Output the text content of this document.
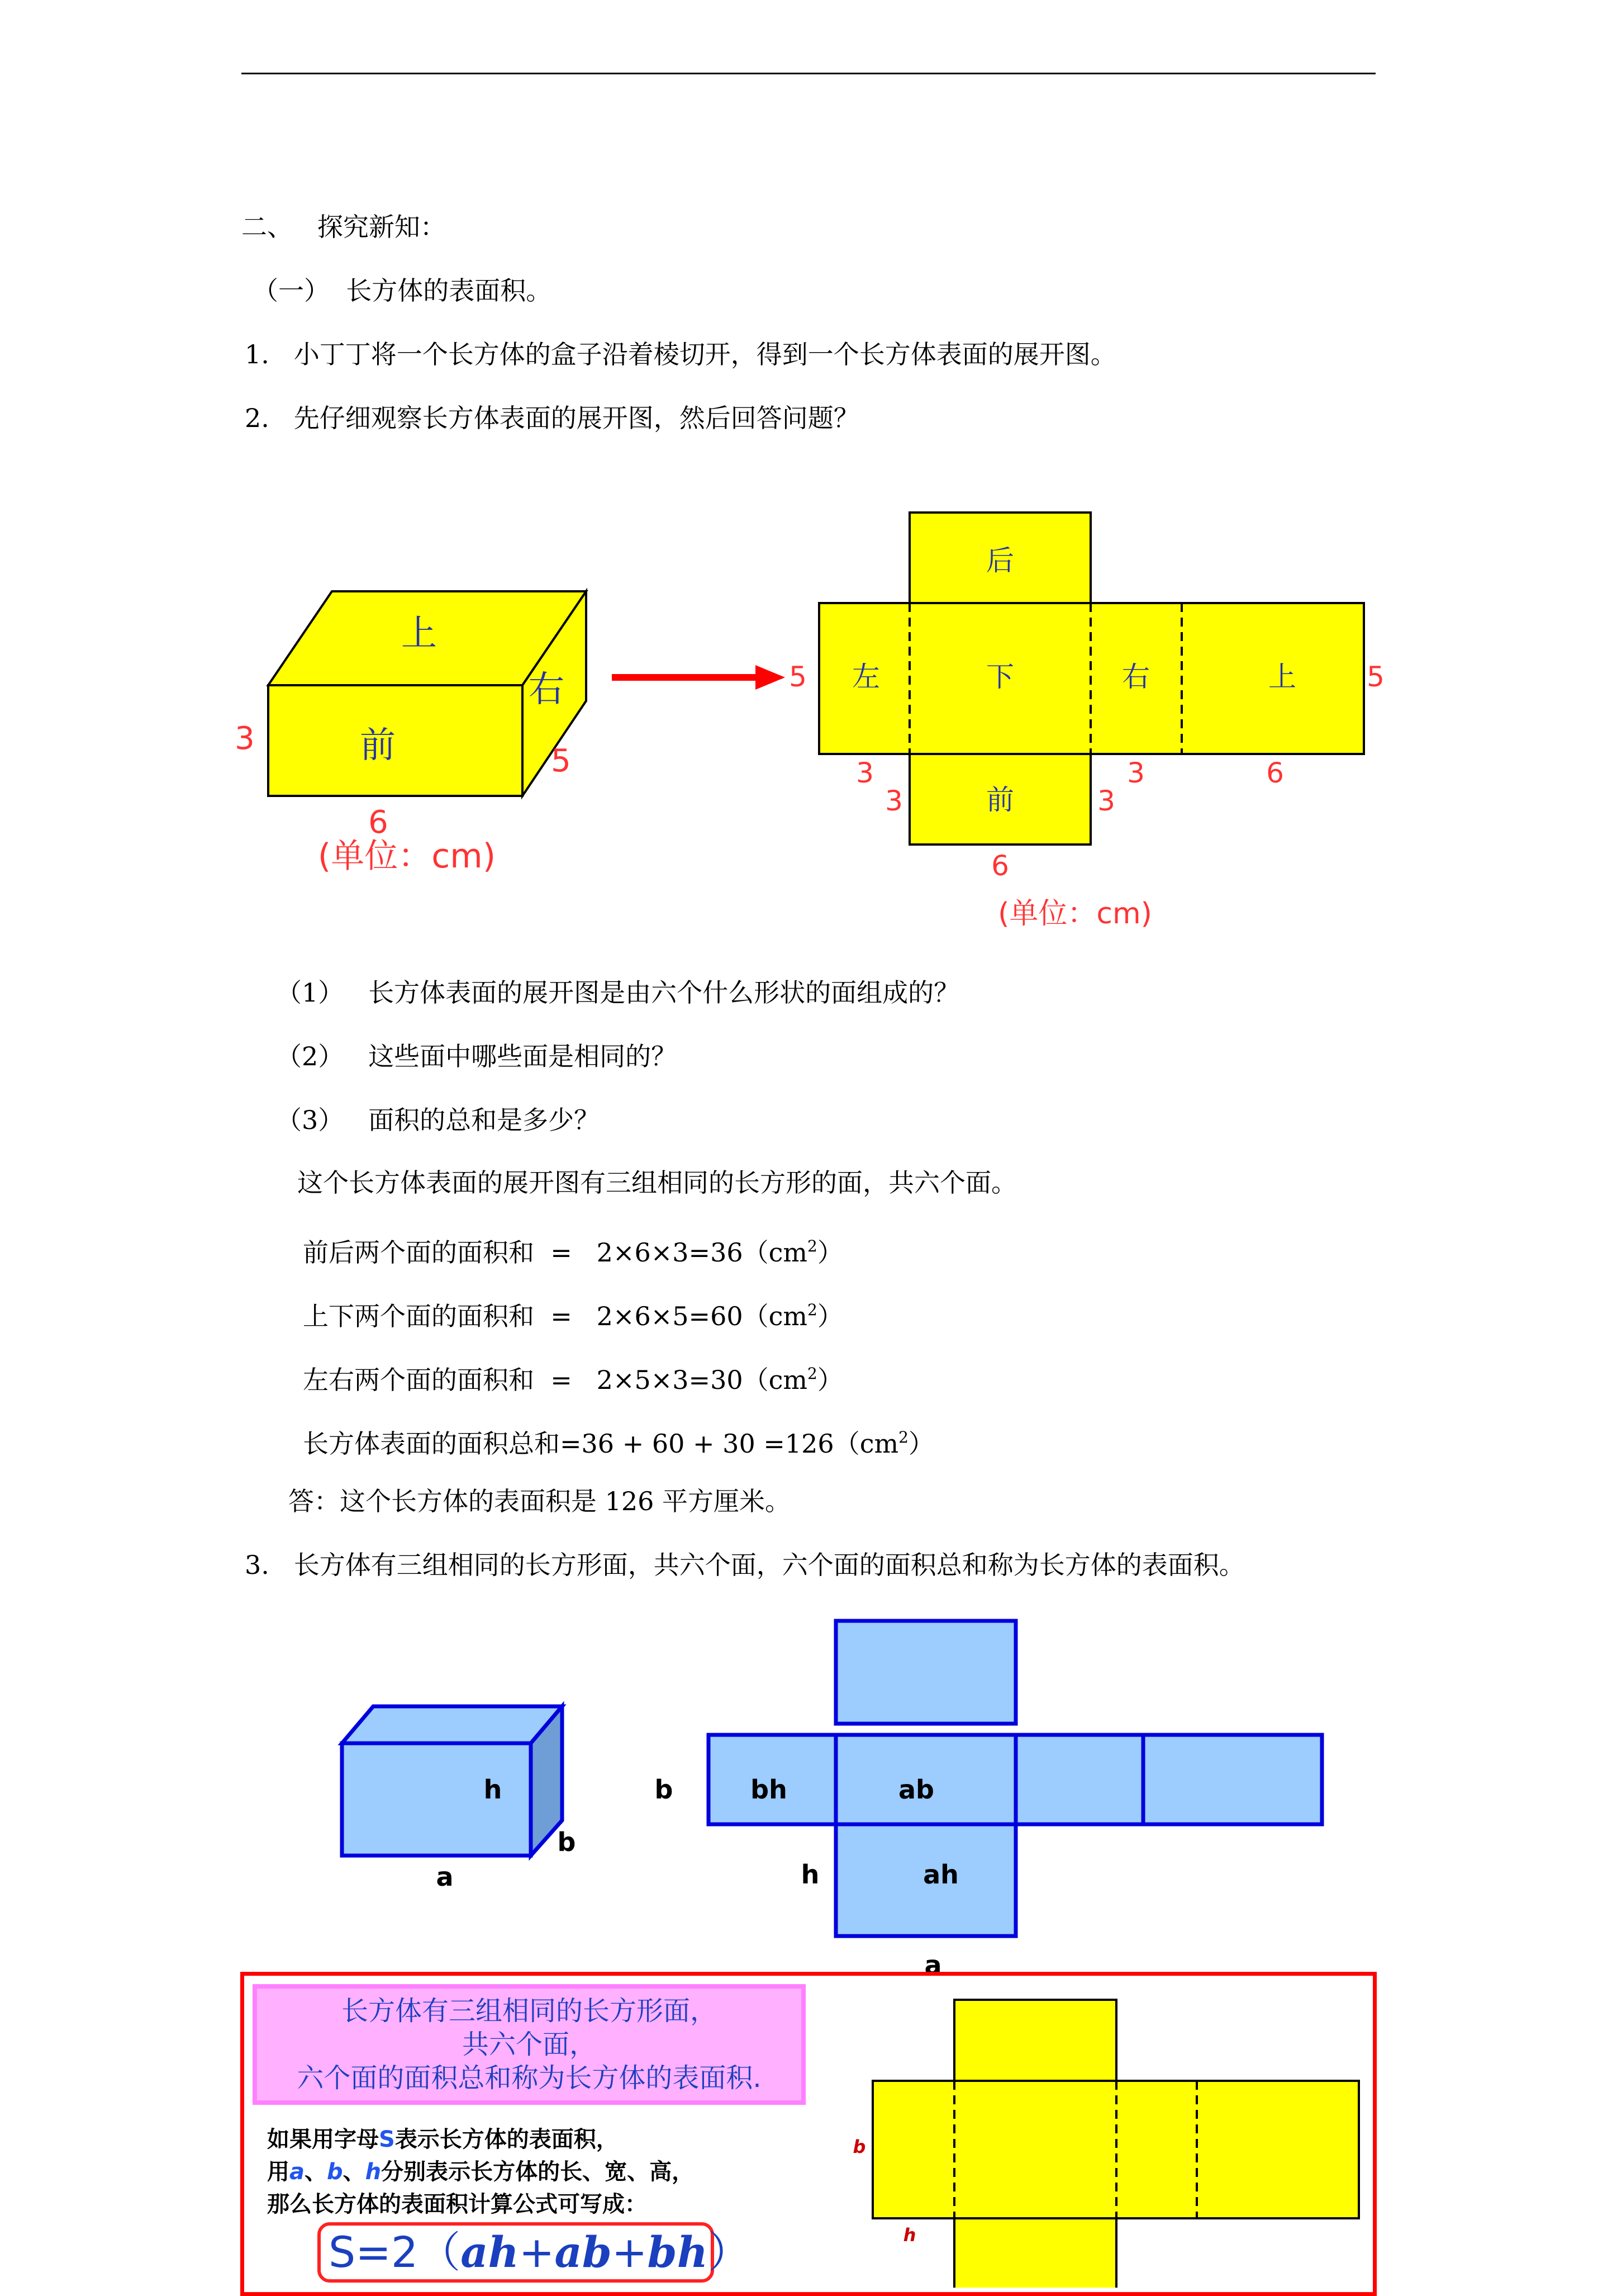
二、 探究新知：
（一） 长方体的表面积。
1. 小丁丁将一个长方体的盒子沿着棱切开，得到一个长方体表面的展开图。
2. 先仔细观察长方体表面的展开图，然后回答问题？
上
右
前
3
5
6
(单位：cm)
后
左	下	右	上
前
5	5
3
3	3
3	6
6
(单位：cm)
（1） 长方体表面的展开图是由六个什么形状的面组成的？
（2） 这些面中哪些面是相同的？
（3） 面积的总和是多少？
这个长方体表面的展开图有三组相同的长方形的面，共六个面。
前后两个面的面积和 = $2\times 6\times 3=36(cm^2)$
上下两个面的面积和 = $2\times 6\times 5=60(cm^2)$
左右两个面的面积和 = $2\times 5\times 3=30(cm^2)$
长方体表面的面积总和$=36 + 60 + 30 =126(cm^2)$
答：这个长方体的表面积是 126 平方厘米。
3. 长方体有三组相同的长方形面，共六个面，六个面的面积总和称为长方体的表面积。
h
b
a
b	bh	ab
h	ah
a
长方体有三组相同的长方形面，
共六个面，
六个面的面积总和称为长方体的表面积.
如果用字母S表示长方体的表面积，
用a、b、h分别表示长方体的长、宽、高，
那么长方体的表面积计算公式可写成：
S=2（ah+ab+bh）
b
h
